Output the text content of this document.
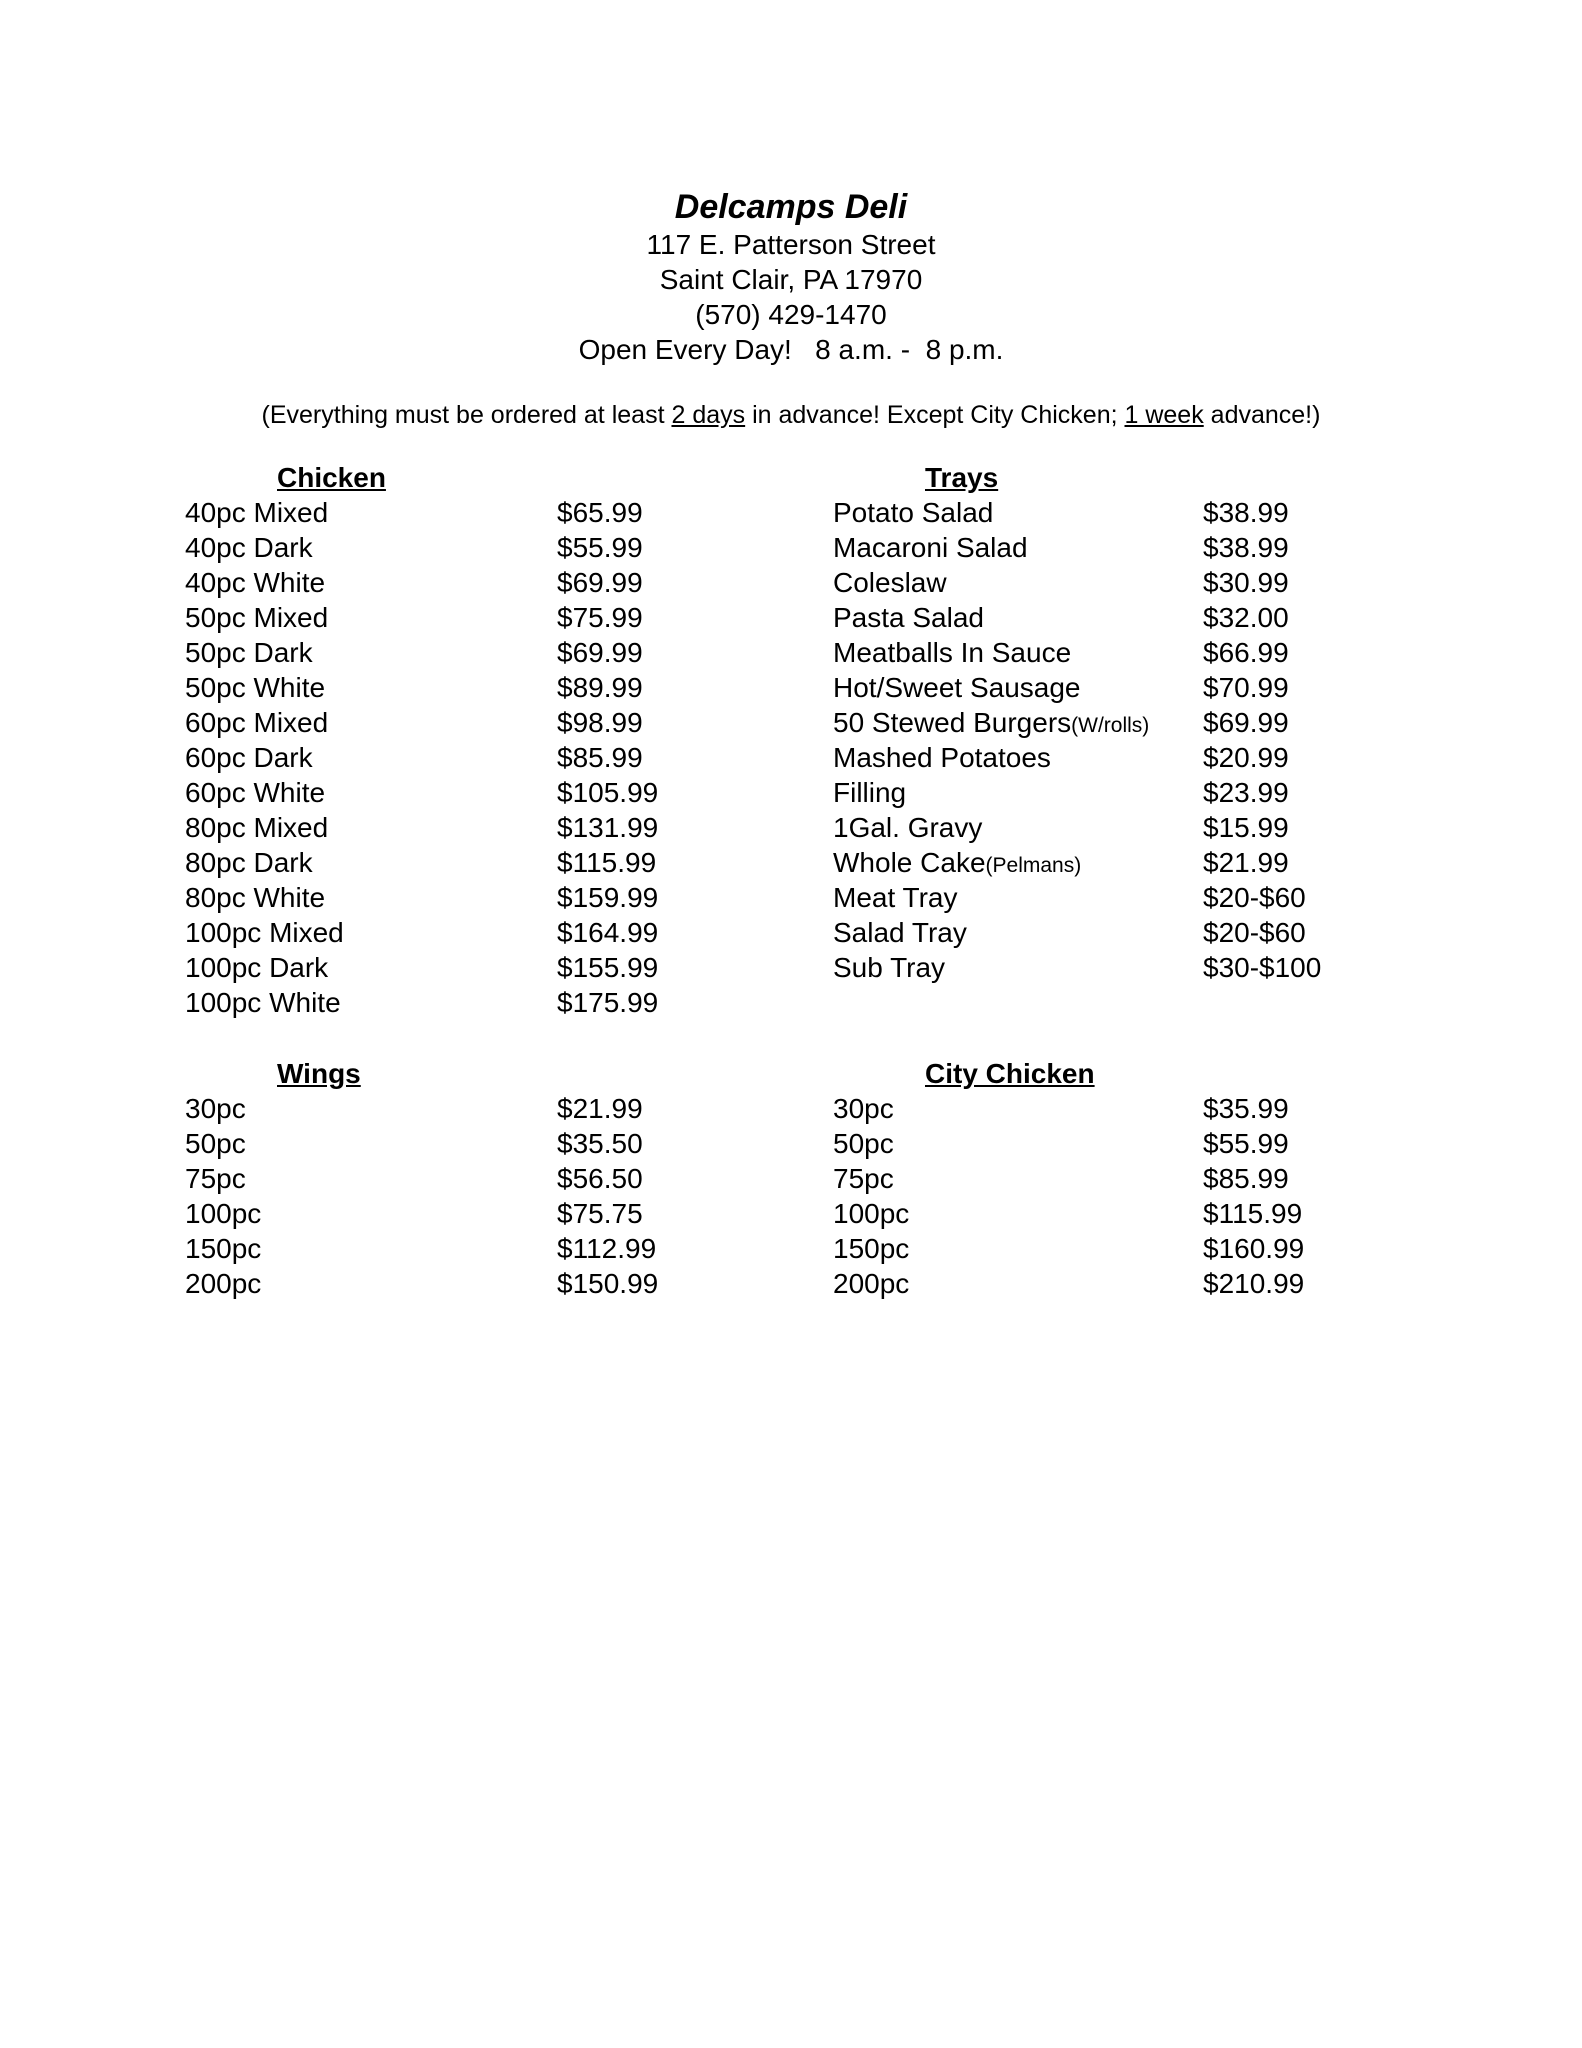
Delcamps Deli
117 E. Patterson Street
Saint Clair, PA 17970
(570) 429-1470
Open Every Day!   8 a.m. -  8 p.m.
(Everything must be ordered at least 2 days in advance! Except City Chicken; 1 week advance!)
Chicken
40pc Mixed	$65.99
40pc Dark	$55.99
40pc White	$69.99
50pc Mixed	$75.99
50pc Dark	$69.99
50pc White	$89.99
60pc Mixed	$98.99
60pc Dark	$85.99
60pc White	$105.99
80pc Mixed	$131.99
80pc Dark	$115.99
80pc White	$159.99
100pc Mixed	$164.99
100pc Dark	$155.99
100pc White	$175.99
Trays
Potato Salad	$38.99
Macaroni Salad	$38.99
Coleslaw	$30.99
Pasta Salad	$32.00
Meatballs In Sauce	$66.99
Hot/Sweet Sausage	$70.99
50 Stewed Burgers(W/rolls) $69.99
Mashed Potatoes	$20.99
Filling	$23.99
1Gal. Gravy	$15.99
Whole Cake(Pelmans)	$21.99
Meat Tray	$20-$60
Salad Tray	$20-$60
Sub Tray	$30-$100
Wings
30pc	$21.99
50pc	$35.50
75pc	$56.50
100pc	$75.75
150pc	$112.99
200pc	$150.99
City Chicken
30pc	$35.99
50pc	$55.99
75pc	$85.99
100pc	$115.99
150pc	$160.99
200pc	$210.99
